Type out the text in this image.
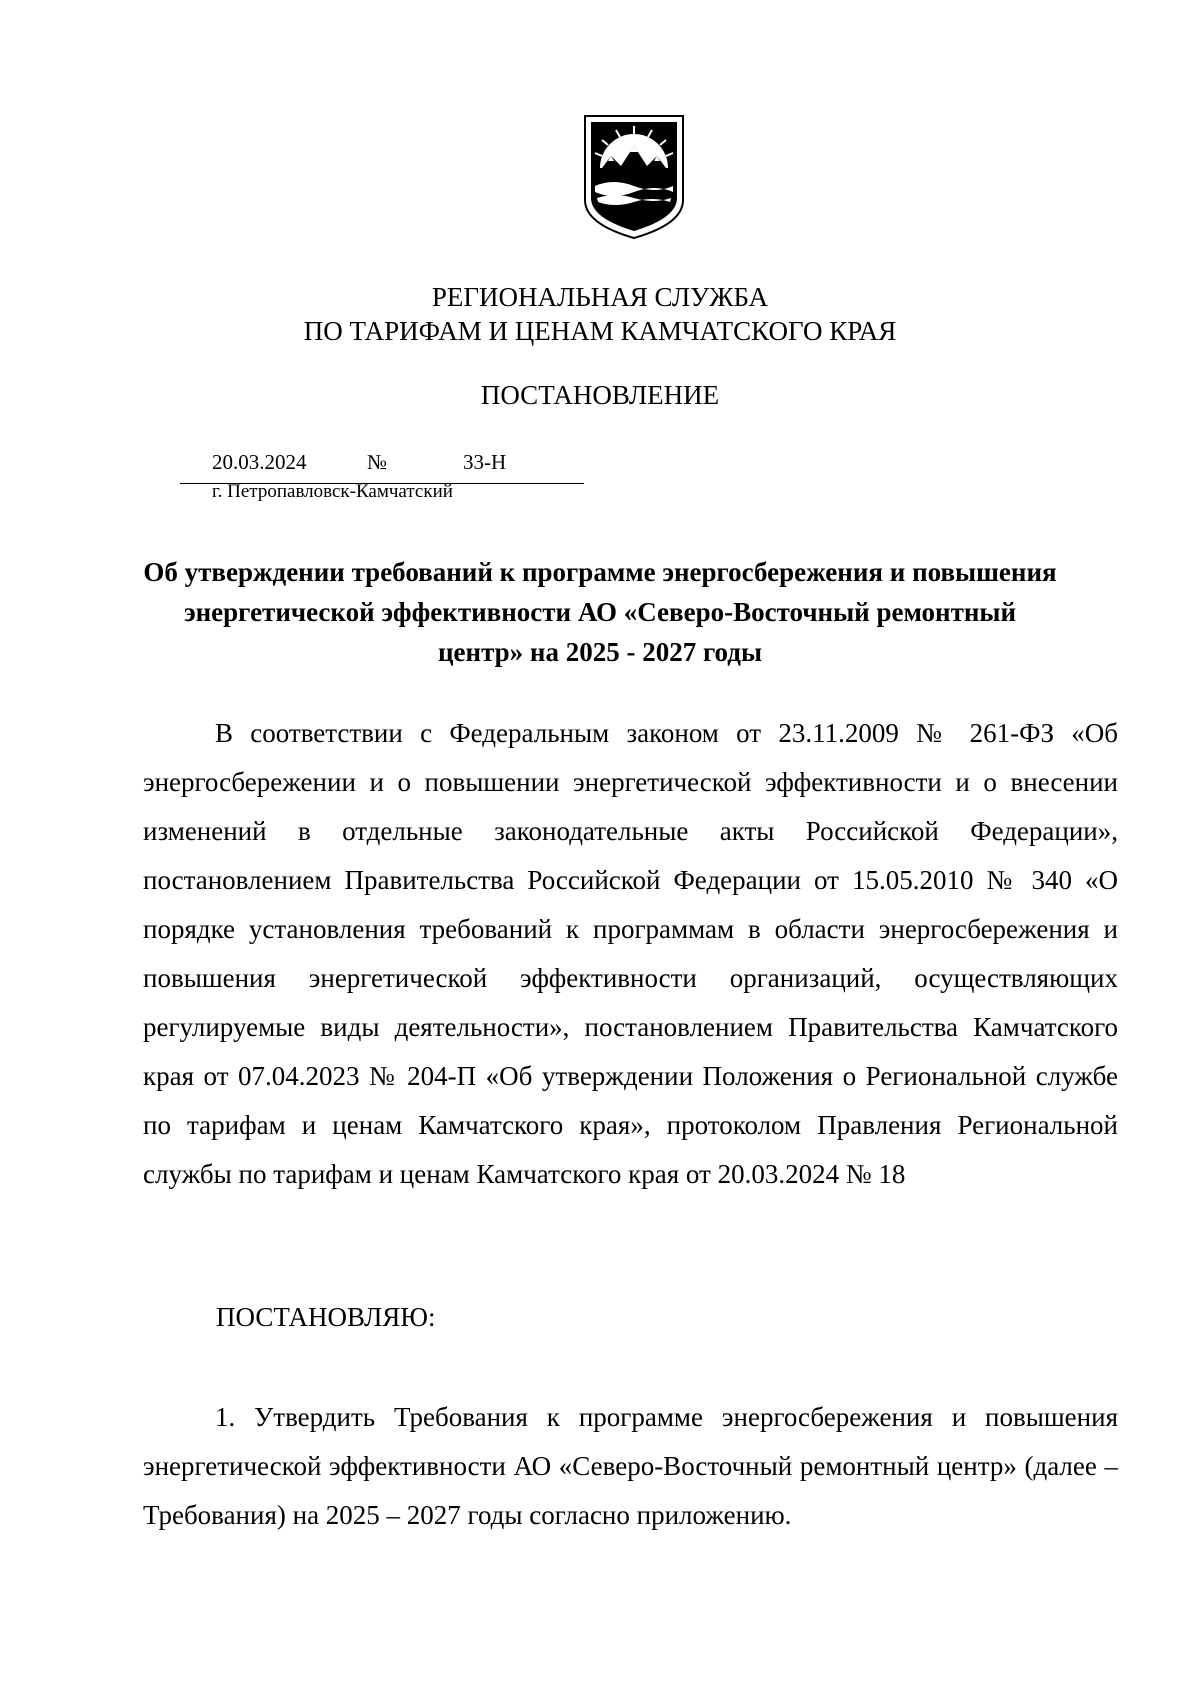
РЕГИОНАЛЬНАЯ СЛУЖБА
ПО ТАРИФАМ И ЦЕНАМ КАМЧАТСКОГО КРАЯ
ПОСТАНОВЛЕНИЕ
20.03.2024	№	33-Н
г. Петропавловск-Камчатский
Об утверждении требований к программе энергосбережения и повышения энергетической эффективности АО «Северо-Восточный ремонтный центр» на 2025 - 2027 годы
В соответствии с Федеральным законом от 23.11.2009 № 261-ФЗ «Об энергосбережении и о повышении энергетической эффективности и о внесении изменений в отдельные законодательные акты Российской Федерации», постановлением Правительства Российской Федерации от 15.05.2010 № 340 «О порядке установления требований к программам в области энергосбережения и повышения энергетической эффективности организаций, осуществляющих регулируемые виды деятельности», постановлением Правительства Камчатского края от 07.04.2023 № 204-П «Об утверждении Положения о Региональной службе по тарифам и ценам Камчатского края», протоколом Правления Региональной службы по тарифам и ценам Камчатского края от 20.03.2024 № 18
ПОСТАНОВЛЯЮ:
1. Утвердить Требования к программе энергосбережения и повышения энергетической эффективности АО «Северо-Восточный ремонтный центр» (далее – Требования) на 2025 – 2027 годы согласно приложению.
